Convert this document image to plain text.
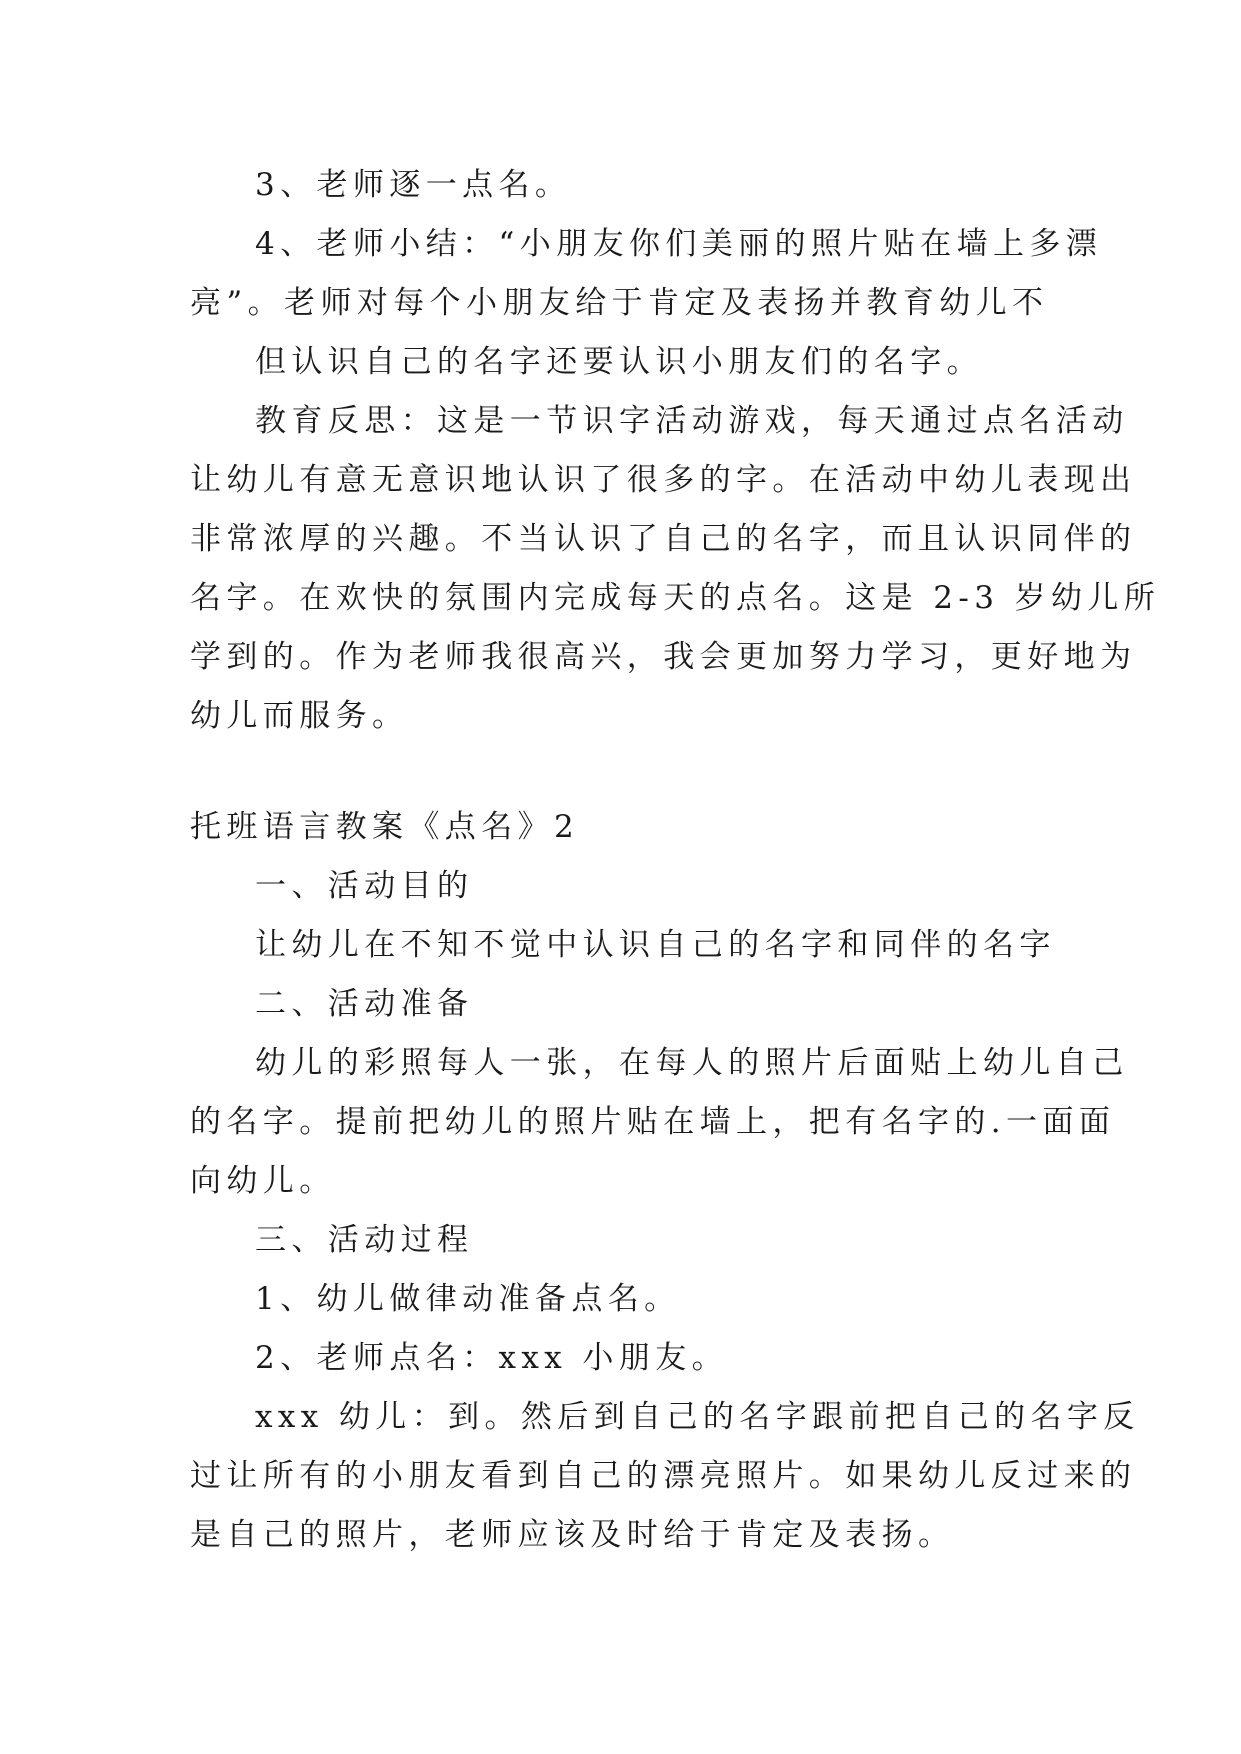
3、老师逐一点名。
4、老师小结：“小朋友你们美丽的照片贴在墙上多漂
亮”。老师对每个小朋友给于肯定及表扬并教育幼儿不
但认识自己的名字还要认识小朋友们的名字。
教育反思：这是一节识字活动游戏，每天通过点名活动
让幼儿有意无意识地认识了很多的字。在活动中幼儿表现出
非常浓厚的兴趣。不当认识了自己的名字，而且认识同伴的
名字。在欢快的氛围内完成每天的点名。这是 2-3 岁幼儿所
学到的。作为老师我很高兴，我会更加努力学习，更好地为
幼儿而服务。
托班语言教案《点名》2
一、活动目的
让幼儿在不知不觉中认识自己的名字和同伴的名字
二、活动准备
幼儿的彩照每人一张，在每人的照片后面贴上幼儿自己
的名字。提前把幼儿的照片贴在墙上，把有名字的.一面面
向幼儿。
三、活动过程
1、幼儿做律动准备点名。
2、老师点名：xxx 小朋友。
xxx 幼儿：到。然后到自己的名字跟前把自己的名字反
过让所有的小朋友看到自己的漂亮照片。如果幼儿反过来的
是自己的照片，老师应该及时给于肯定及表扬。
